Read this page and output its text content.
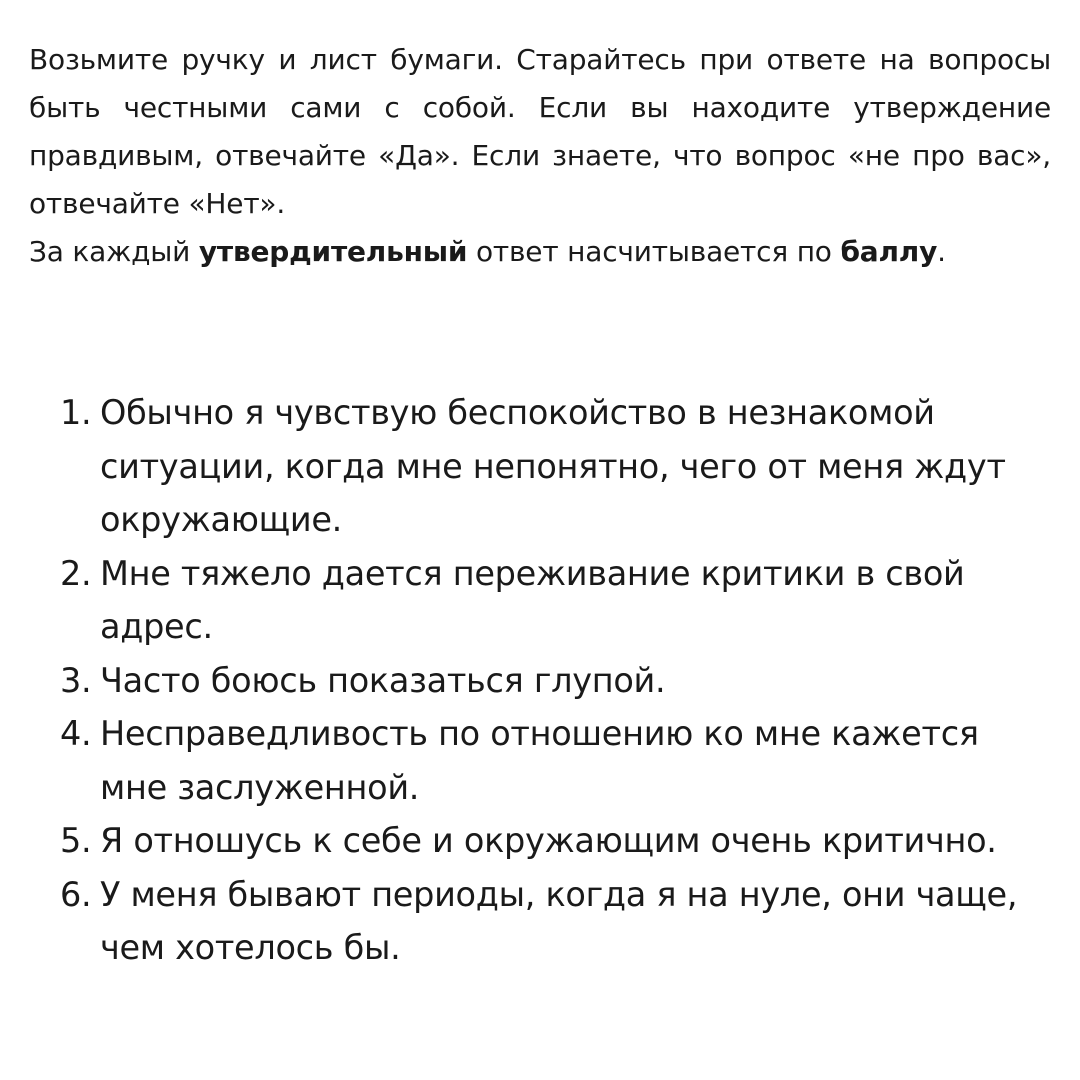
Возьмите ручку и лист бумаги. Старайтесь при ответе на вопросы быть честными сами с собой. Если вы находите утверждение правдивым, отвечайте «Да». Если знаете, что вопрос «не про вас», отвечайте «Нет».

За каждый утвердительный ответ насчитывается по баллу.

1. Обычно я чувствую беспокойство в незнакомой ситуации, когда мне непонятно, чего от меня ждут окружающие.
2. Мне тяжело дается переживание критики в свой адрес.
3. Часто боюсь показаться глупой.
4. Несправедливость по отношению ко мне кажется мне заслуженной.
5. Я отношусь к себе и окружающим очень критично.
6. У меня бывают периоды, когда я на нуле, они чаще, чем хотелось бы.
